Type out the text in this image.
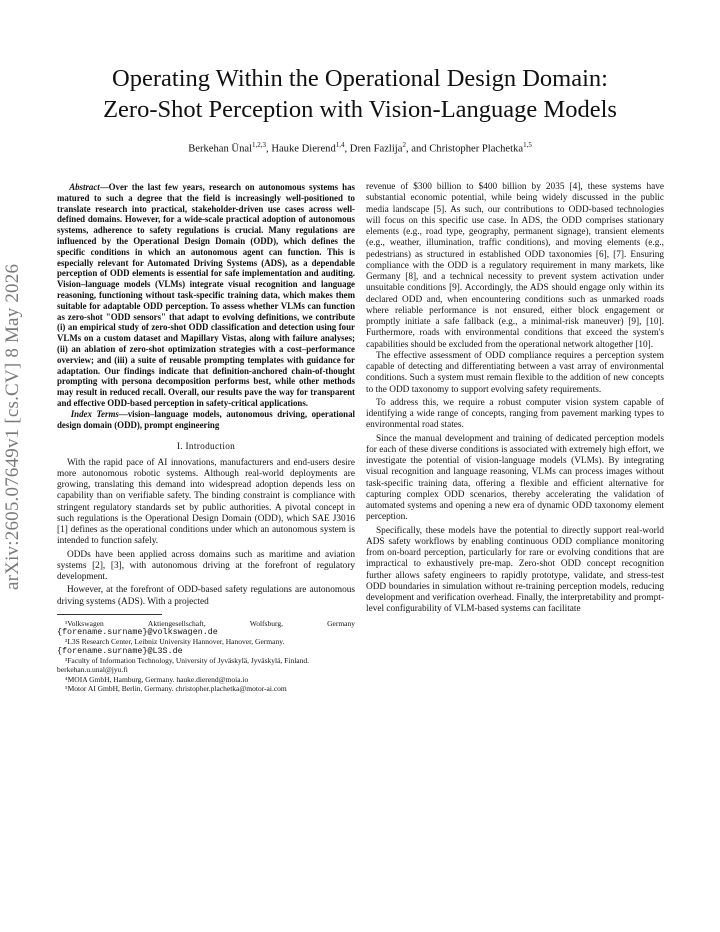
arXiv:2605.07649v1 [cs.CV] 8 May 2026
Operating Within the Operational Design Domain:
Zero-Shot Perception with Vision-Language Models
Berkehan Ünal$^{1,2,3}$, Hauke Dierend$^{1,4}$, Dren Fazlija$^2$, and Christopher Plachetka$^{1,5}$
Abstract—Over the last few years, research on autonomous systems has matured to such a degree that the field is increasingly well-positioned to translate research into practical, stakeholder-driven use cases across well-defined domains. However, for a wide-scale practical adoption of autonomous systems, adherence to safety regulations is crucial. Many regulations are influenced by the Operational Design Domain (ODD), which defines the specific conditions in which an autonomous agent can function. This is especially relevant for Automated Driving Systems (ADS), as a dependable perception of ODD elements is essential for safe implementation and auditing. Vision–language models (VLMs) integrate visual recognition and language reasoning, functioning without task-specific training data, which makes them suitable for adaptable ODD perception. To assess whether VLMs can function as zero-shot "ODD sensors" that adapt to evolving definitions, we contribute (i) an empirical study of zero-shot ODD classification and detection using four VLMs on a custom dataset and Mapillary Vistas, along with failure analyses; (ii) an ablation of zero-shot optimization strategies with a cost–performance overview; and (iii) a suite of reusable prompting templates with guidance for adaptation. Our findings indicate that definition-anchored chain-of-thought prompting with persona decomposition performs best, while other methods may result in reduced recall. Overall, our results pave the way for transparent and effective ODD-based perception in safety-critical applications.
Index Terms—vision–language models, autonomous driving, operational design domain (ODD), prompt engineering
I. Introduction

With the rapid pace of AI innovations, manufacturers and end-users desire more autonomous robotic systems. Although real-world deployments are growing, translating this demand into widespread adoption depends less on capability than on verifiable safety. The binding constraint is compliance with stringent regulatory standards set by public authorities. A pivotal concept in such regulations is the Operational Design Domain (ODD), which SAE J3016 [1] defines as the operational conditions under which an autonomous system is intended to function safely.

ODDs have been applied across domains such as maritime and aviation systems [2], [3], with autonomous driving at the forefront of regulatory development.

However, at the forefront of ODD-based safety regulations are autonomous driving systems (ADS). With a projected

¹Volkswagen	Aktiengesellschaft,	Wolfsburg,	Germany
{forename.surname}@volkswagen.de
²L3S Research Center, Leibniz University Hannover, Hanover, Germany.
{forename.surname}@L3S.de
³Faculty of Information Technology, University of Jyväskylä, Jyväskylä, Finland. berkehan.u.unal@jyu.fi
⁴MOIA GmbH, Hamburg, Germany. hauke.dierend@moia.io
⁵Motor AI GmbH, Berlin, Germany. christopher.plachetka@motor-ai.com

revenue of $300 billion to $400 billion by 2035 [4], these systems have substantial economic potential, while being widely discussed in the public media landscape [5]. As such, our contributions to ODD-based technologies will focus on this specific use case. In ADS, the ODD comprises stationary elements (e.g., road type, geography, permanent signage), transient elements (e.g., weather, illumination, traffic conditions), and moving elements (e.g., pedestrians) as structured in established ODD taxonomies [6], [7]. Ensuring compliance with the ODD is a regulatory requirement in many markets, like Germany [8], and a technical necessity to prevent system activation under unsuitable conditions [9]. Accordingly, the ADS should engage only within its declared ODD and, when encountering conditions such as unmarked roads where reliable performance is not ensured, either block engagement or promptly initiate a safe fallback (e.g., a minimal-risk maneuver) [9], [10]. Furthermore, roads with environmental conditions that exceed the system's capabilities should be excluded from the operational network altogether [10].

The effective assessment of ODD compliance requires a perception system capable of detecting and differentiating between a vast array of environmental conditions. Such a system must remain flexible to the addition of new concepts to the ODD taxonomy to support evolving safety requirements.

To address this, we require a robust computer vision system capable of identifying a wide range of concepts, ranging from pavement marking types to environmental road states.

Since the manual development and training of dedicated perception models for each of these diverse conditions is associated with extremely high effort, we investigate the potential of vision-language models (VLMs). By integrating visual recognition and language reasoning, VLMs can process images without task-specific training data, offering a flexible and efficient alternative for capturing complex ODD scenarios, thereby accelerating the validation of automated systems and opening a new era of dynamic ODD taxonomy element perception.

Specifically, these models have the potential to directly support real-world ADS safety workflows by enabling continuous ODD compliance monitoring from on-board perception, particularly for rare or evolving conditions that are impractical to exhaustively pre-map. Zero-shot ODD concept recognition further allows safety engineers to rapidly prototype, validate, and stress-test ODD boundaries in simulation without re-training perception models, reducing development and verification overhead. Finally, the interpretability and prompt-level configurability of VLM-based systems can facilitate
